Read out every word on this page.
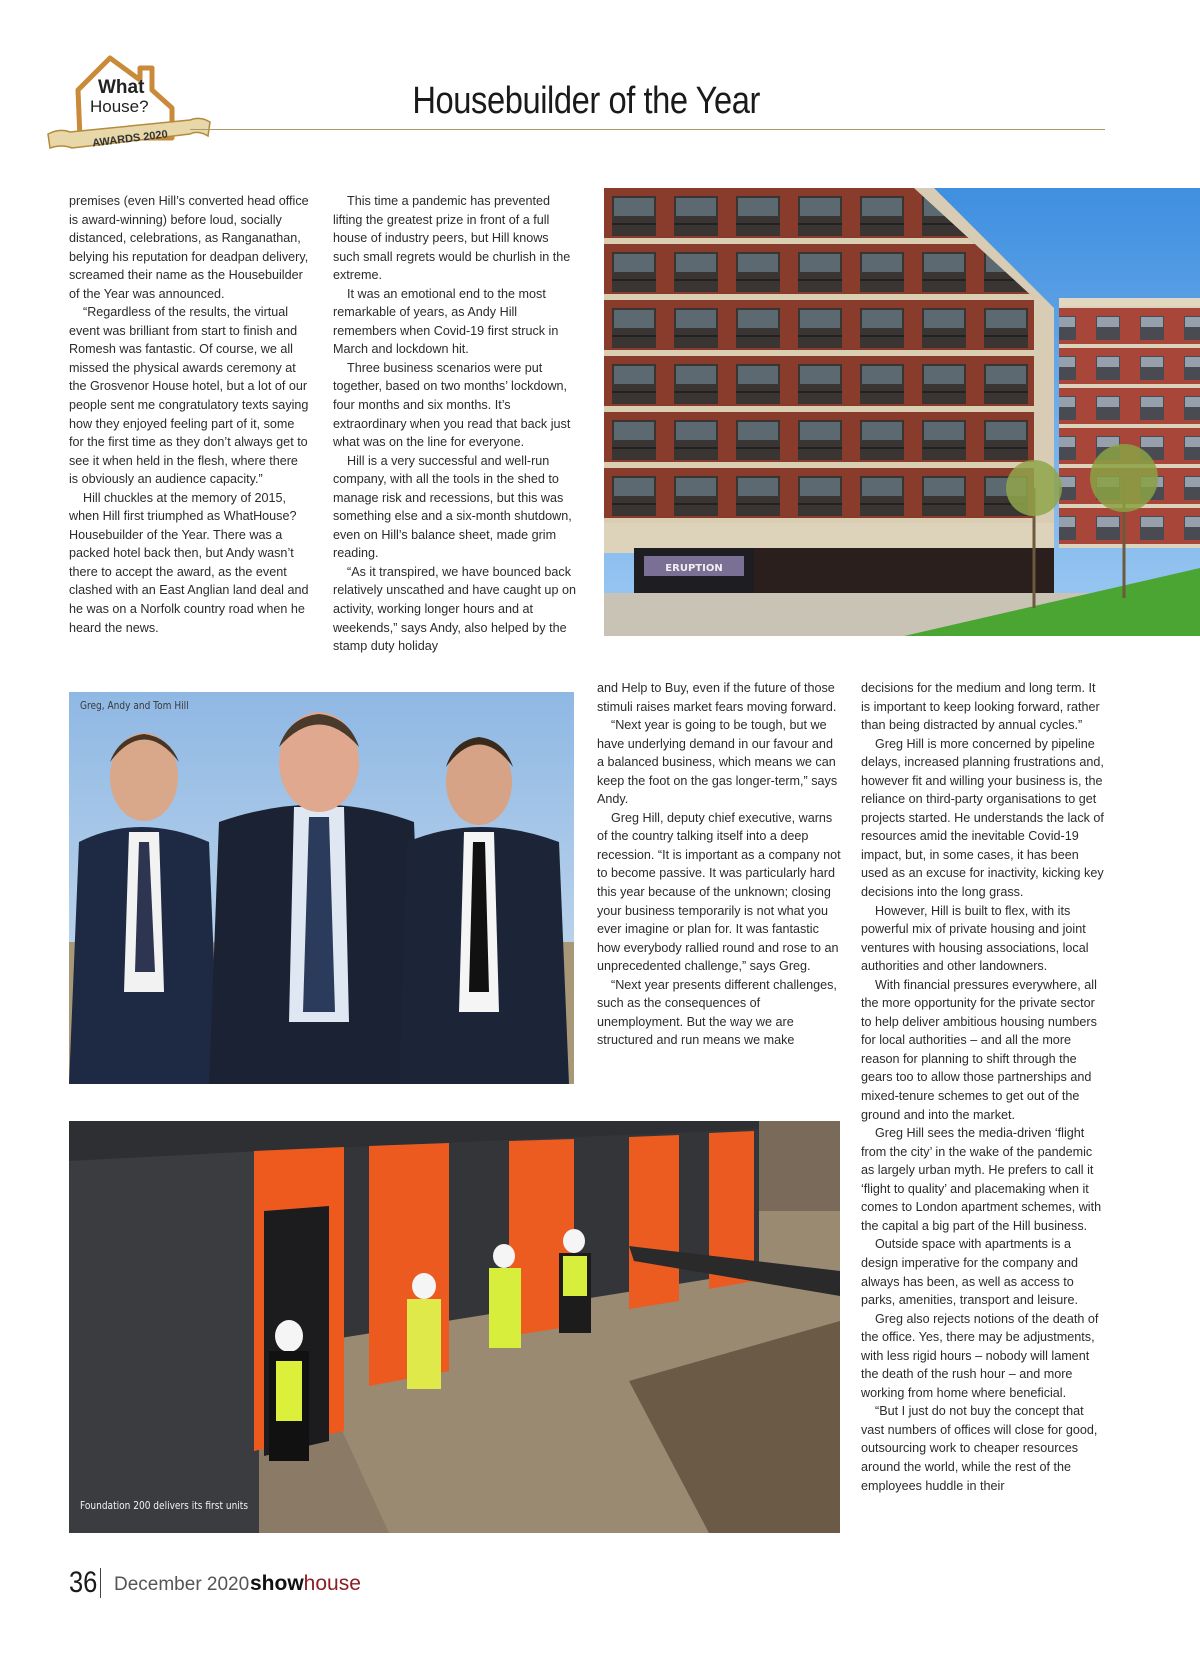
What
House?
AWARDS 2020
Housebuilder of the Year

premises (even Hill’s converted head office is award-winning) before loud, socially distanced, celebrations, as Ranganathan, belying his reputation for deadpan delivery, screamed their name as the Housebuilder of the Year was announced.

“Regardless of the results, the virtual event was brilliant from start to finish and Romesh was fantastic. Of course, we all missed the physical awards ceremony at the Grosvenor House hotel, but a lot of our people sent me congratulatory texts saying how they enjoyed feeling part of it, some for the first time as they don’t always get to see it when held in the flesh, where there is obviously an audience capacity.”

Hill chuckles at the memory of 2015, when Hill first triumphed as WhatHouse? Housebuilder of the Year. There was a packed hotel back then, but Andy wasn’t there to accept the award, as the event clashed with an East Anglian land deal and he was on a Norfolk country road when he heard the news.

This time a pandemic has prevented lifting the greatest prize in front of a full house of industry peers, but Hill knows such small regrets would be churlish in the extreme.

It was an emotional end to the most remarkable of years, as Andy Hill remembers when Covid-19 first struck in March and lockdown hit.

Three business scenarios were put together, based on two months’ lockdown, four months and six months. It’s extraordinary when you read that back just what was on the line for everyone.

Hill is a very successful and well-run company, with all the tools in the shed to manage risk and recessions, but this was something else and a six-month shutdown, even on Hill’s balance sheet, made grim reading.

“As it transpired, we have bounced back relatively unscathed and have caught up on activity, working longer hours and at weekends,” says Andy, also helped by the stamp duty holiday

and Help to Buy, even if the future of those stimuli raises market fears moving forward.

“Next year is going to be tough, but we have underlying demand in our favour and a balanced business, which means we can keep the foot on the gas longer-term,” says Andy.

Greg Hill, deputy chief executive, warns of the country talking itself into a deep recession. “It is important as a company not to become passive. It was particularly hard this year because of the unknown; closing your business temporarily is not what you ever imagine or plan for. It was fantastic how everybody rallied round and rose to an unprecedented challenge,” says Greg.

“Next year presents different challenges, such as the consequences of unemployment. But the way we are structured and run means we make

decisions for the medium and long term. It is important to keep looking forward, rather than being distracted by annual cycles.”

Greg Hill is more concerned by pipeline delays, increased planning frustrations and, however fit and willing your business is, the reliance on third-party organisations to get projects started. He understands the lack of resources amid the inevitable Covid-19 impact, but, in some cases, it has been used as an excuse for inactivity, kicking key decisions into the long grass.

However, Hill is built to flex, with its powerful mix of private housing and joint ventures with housing associations, local authorities and other landowners.

With financial pressures everywhere, all the more opportunity for the private sector to help deliver ambitious housing numbers for local authorities – and all the more reason for planning to shift through the gears too to allow those partnerships and mixed-tenure schemes to get out of the ground and into the market.

Greg Hill sees the media-driven ‘flight from the city’ in the wake of the pandemic as largely urban myth. He prefers to call it ‘flight to quality’ and placemaking when it comes to London apartment schemes, with the capital a big part of the Hill business.

Outside space with apartments is a design imperative for the company and always has been, as well as access to parks, amenities, transport and leisure.

Greg also rejects notions of the death of the office. Yes, there may be adjustments, with less rigid hours – nobody will lament the death of the rush hour – and more working from home where beneficial.

“But I just do not buy the concept that vast numbers of offices will close for good, outsourcing work to cheaper resources around the world, while the rest of the employees huddle in their

ERUPTION
Greg, Andy and Tom Hill
Foundation 200 delivers its first units
36 December 2020 showhouse
